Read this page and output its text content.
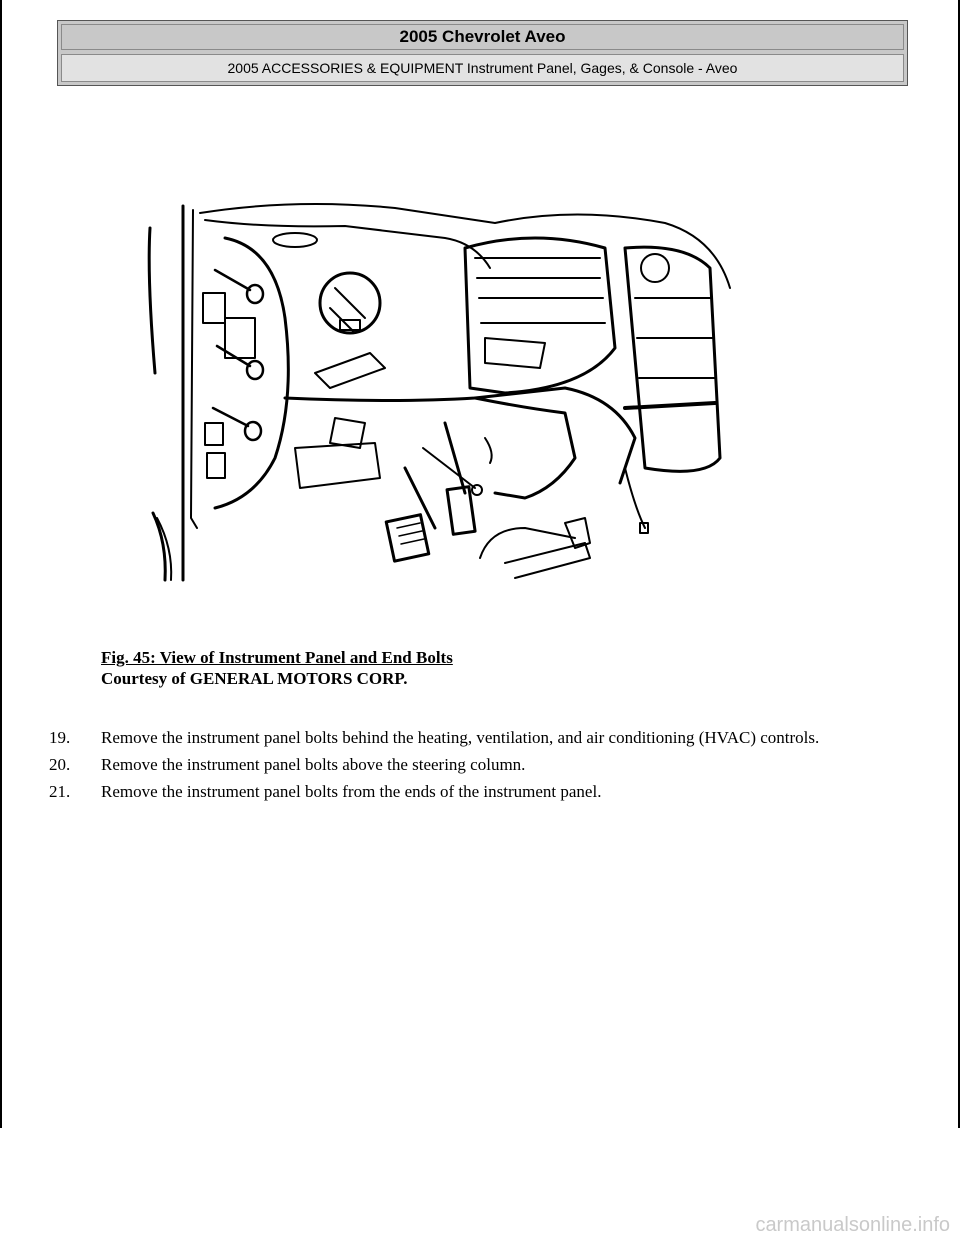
2005 Chevrolet Aveo
2005 ACCESSORIES & EQUIPMENT Instrument Panel, Gages, & Console - Aveo
Fig. 45: View of Instrument Panel and End Bolts
Courtesy of GENERAL MOTORS CORP.
19. Remove the instrument panel bolts behind the heating, ventilation, and air conditioning (HVAC) controls.
20. Remove the instrument panel bolts above the steering column.
21. Remove the instrument panel bolts from the ends of the instrument panel.
carmanualsonline.info
